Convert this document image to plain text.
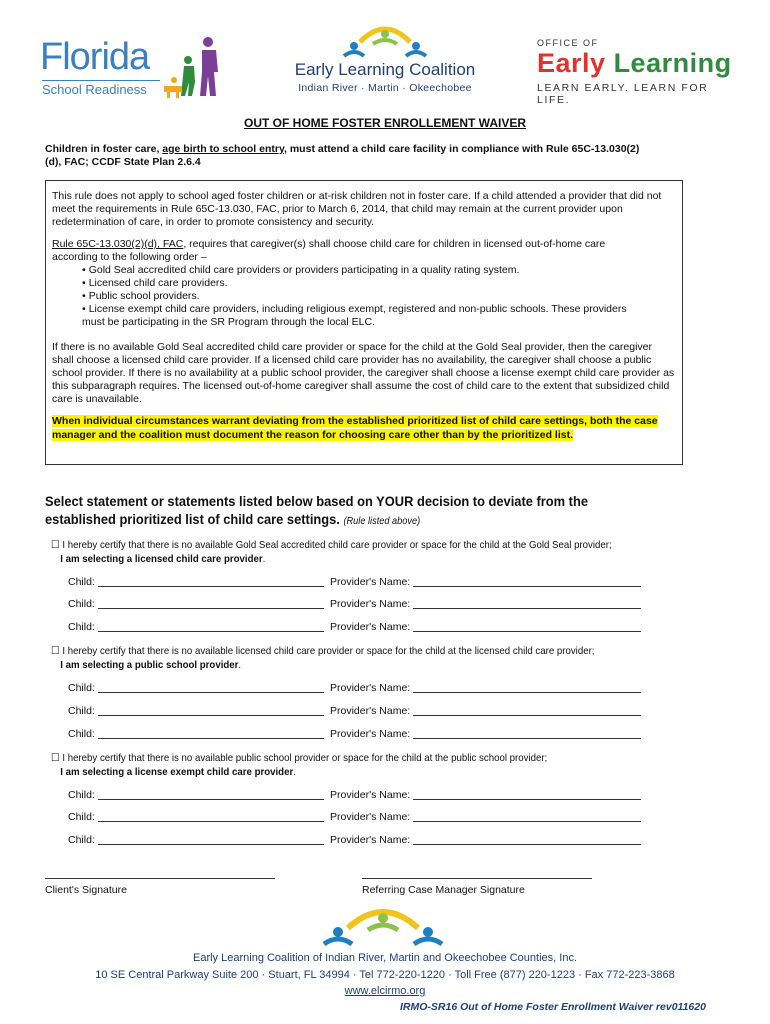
Florida
School Readiness
Early Learning Coalition
Indian River · Martin · Okeechobee
OFFICE OF
Early Learning
LEARN EARLY. LEARN FOR LIFE.
OUT OF HOME FOSTER ENROLLEMENT WAIVER
Children in foster care, age birth to school entry, must attend a child care facility in compliance with Rule 65C-13.030(2)(d), FAC; CCDF State Plan 2.6.4

This rule does not apply to school aged foster children or at-risk children not in foster care. If a child attended a provider that did not meet the requirements in Rule 65C-13.030, FAC, prior to March 6, 2014, that child may remain at the current provider upon redetermination of care, in order to promote consistency and security.

Rule 65C-13.030(2)(d), FAC, requires that caregiver(s) shall choose child care for children in licensed out-of-home care
according to the following order –

• Gold Seal accredited child care providers or providers participating in a quality rating system.
• Licensed child care providers.
• Public school providers.
• License exempt child care providers, including religious exempt, registered and non-public schools. These providers

must be participating in the SR Program through the local ELC.

If there is no available Gold Seal accredited child care provider or space for the child at the Gold Seal provider, then the caregiver shall choose a licensed child care provider. If a licensed child care provider has no availability, the caregiver shall choose a public school provider. If there is no availability at a public school provider, the caregiver shall choose a license exempt child care provider as this subparagraph requires. The licensed out-of-home caregiver shall assume the cost of child care to the extent that subsidized child care is unavailable.

When individual circumstances warrant deviating from the established prioritized list of child care settings, both the case manager and the coalition must document the reason for choosing care other than by the prioritized list.
Select statement or statements listed below based on YOUR decision to deviate from the established prioritized list of child care settings. (Rule listed above)
☐ I hereby certify that there is no available Gold Seal accredited child care provider or space for the child at the Gold Seal provider;
I am selecting a licensed child care provider.
Child:	Provider's Name:
Child:	Provider's Name:
Child:	Provider's Name:
☐ I hereby certify that there is no available licensed child care provider or space for the child at the licensed child care provider;
I am selecting a public school provider.
Child:	Provider's Name:
Child:	Provider's Name:
Child:	Provider's Name:
☐ I hereby certify that there is no available public school provider or space for the child at the public school provider;
I am selecting a license exempt child care provider.
Child:	Provider's Name:
Child:	Provider's Name:
Child:	Provider's Name:
Client's Signature	Referring Case Manager Signature
Early Learning Coalition of Indian River, Martin and Okeechobee Counties, Inc.
10 SE Central Parkway Suite 200 · Stuart, FL 34994 · Tel 772-220-1220 · Toll Free (877) 220-1223 · Fax 772-223-3868
www.elcirmo.org
IRMO-SR16 Out of Home Foster Enrollment Waiver rev011620
